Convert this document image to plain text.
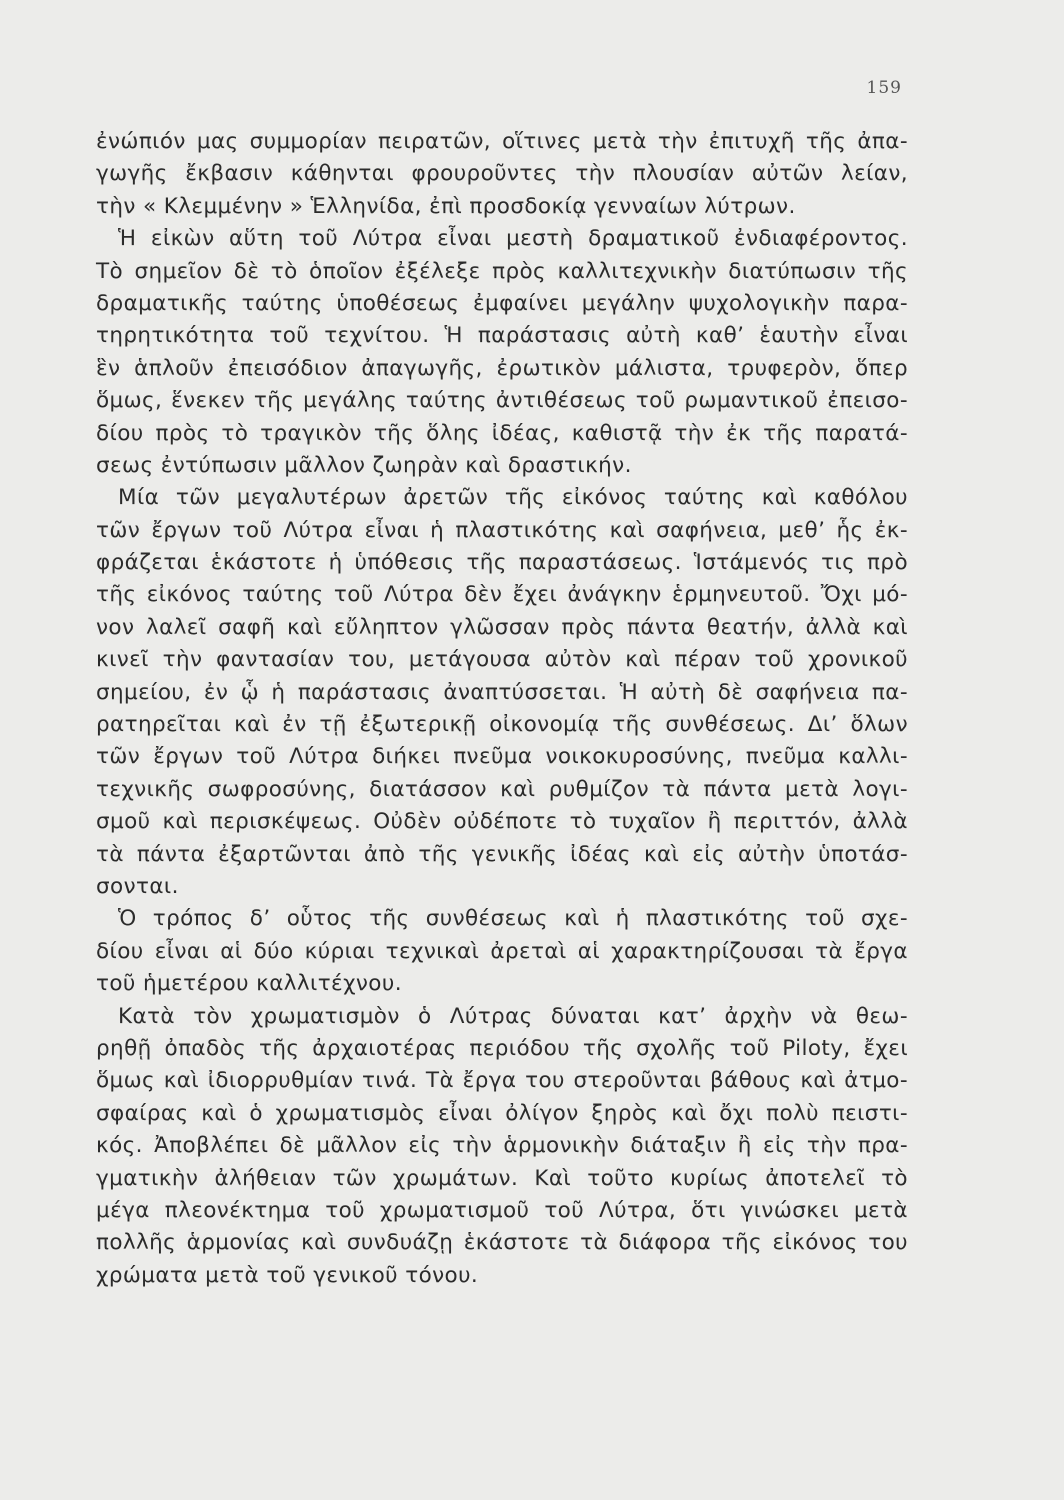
159
ἐνώπιόν μας συμμορίαν πειρατῶν, οἵτινες μετὰ τὴν ἐπιτυχῆ τῆς ἀπα-
γωγῆς ἔκβασιν κάθηνται φρουροῦντες τὴν πλουσίαν αὐτῶν λείαν,
τὴν « Κλεμμένην » Ἑλληνίδα, ἐπὶ προσδοκίᾳ γενναίων λύτρων.
Ἡ εἰκὼν αὕτη τοῦ Λύτρα εἶναι μεστὴ δραματικοῦ ἐνδιαφέροντος.
Τὸ σημεῖον δὲ τὸ ὁποῖον ἐξέλεξε πρὸς καλλιτεχνικὴν διατύπωσιν τῆς
δραματικῆς ταύτης ὑποθέσεως ἐμφαίνει μεγάλην ψυχολογικὴν παρα-
τηρητικότητα τοῦ τεχνίτου. Ἡ παράστασις αὐτὴ καθ’ ἑαυτὴν εἶναι
ἓν ἁπλοῦν ἐπεισόδιον ἀπαγωγῆς, ἐρωτικὸν μάλιστα, τρυφερὸν, ὅπερ
ὅμως, ἕνεκεν τῆς μεγάλης ταύτης ἀντιθέσεως τοῦ ρωμαντικοῦ ἐπεισο-
δίου πρὸς τὸ τραγικὸν τῆς ὅλης ἰδέας, καθιστᾷ τὴν ἐκ τῆς παρατά-
σεως ἐντύπωσιν μᾶλλον ζωηρὰν καὶ δραστικήν.
Μία τῶν μεγαλυτέρων ἀρετῶν τῆς εἰκόνος ταύτης καὶ καθόλου
τῶν ἔργων τοῦ Λύτρα εἶναι ἡ πλαστικότης καὶ σαφήνεια, μεθ’ ἧς ἐκ-
φράζεται ἑκάστοτε ἡ ὑπόθεσις τῆς παραστάσεως. Ἱστάμενός τις πρὸ
τῆς εἰκόνος ταύτης τοῦ Λύτρα δὲν ἔχει ἀνάγκην ἑρμηνευτοῦ. Ὄχι μό-
νον λαλεῖ σαφῆ καὶ εὔληπτον γλῶσσαν πρὸς πάντα θεατήν, ἀλλὰ καὶ
κινεῖ τὴν φαντασίαν του, μετάγουσα αὐτὸν καὶ πέραν τοῦ χρονικοῦ
σημείου, ἐν ᾧ ἡ παράστασις ἀναπτύσσεται. Ἡ αὐτὴ δὲ σαφήνεια πα-
ρατηρεῖται καὶ ἐν τῇ ἐξωτερικῇ οἰκονομίᾳ τῆς συνθέσεως. Δι’ ὅλων
τῶν ἔργων τοῦ Λύτρα διήκει πνεῦμα νοικοκυροσύνης, πνεῦμα καλλι-
τεχνικῆς σωφροσύνης, διατάσσον καὶ ρυθμίζον τὰ πάντα μετὰ λογι-
σμοῦ καὶ περισκέψεως. Οὐδὲν οὐδέποτε τὸ τυχαῖον ἢ περιττόν, ἀλλὰ
τὰ πάντα ἐξαρτῶνται ἀπὸ τῆς γενικῆς ἰδέας καὶ εἰς αὐτὴν ὑποτάσ-
σονται.
Ὁ τρόπος δ’ οὗτος τῆς συνθέσεως καὶ ἡ πλαστικότης τοῦ σχε-
δίου εἶναι αἱ δύο κύριαι τεχνικαὶ ἀρεταὶ αἱ χαρακτηρίζουσαι τὰ ἔργα
τοῦ ἡμετέρου καλλιτέχνου.
Κατὰ τὸν χρωματισμὸν ὁ Λύτρας δύναται κατ’ ἀρχὴν νὰ θεω-
ρηθῇ ὀπαδὸς τῆς ἀρχαιοτέρας περιόδου τῆς σχολῆς τοῦ Piloty, ἔχει
ὅμως καὶ ἰδιορρυθμίαν τινά. Τὰ ἔργα του στεροῦνται βάθους καὶ ἀτμο-
σφαίρας καὶ ὁ χρωματισμὸς εἶναι ὀλίγον ξηρὸς καὶ ὄχι πολὺ πειστι-
κός. Ἀποβλέπει δὲ μᾶλλον εἰς τὴν ἁρμονικὴν διάταξιν ἢ εἰς τὴν πρα-
γματικὴν ἀλήθειαν τῶν χρωμάτων. Καὶ τοῦτο κυρίως ἀποτελεῖ τὸ
μέγα πλεονέκτημα τοῦ χρωματισμοῦ τοῦ Λύτρα, ὅτι γινώσκει μετὰ
πολλῆς ἁρμονίας καὶ συνδυάζῃ ἑκάστοτε τὰ διάφορα τῆς εἰκόνος του
χρώματα μετὰ τοῦ γενικοῦ τόνου.
